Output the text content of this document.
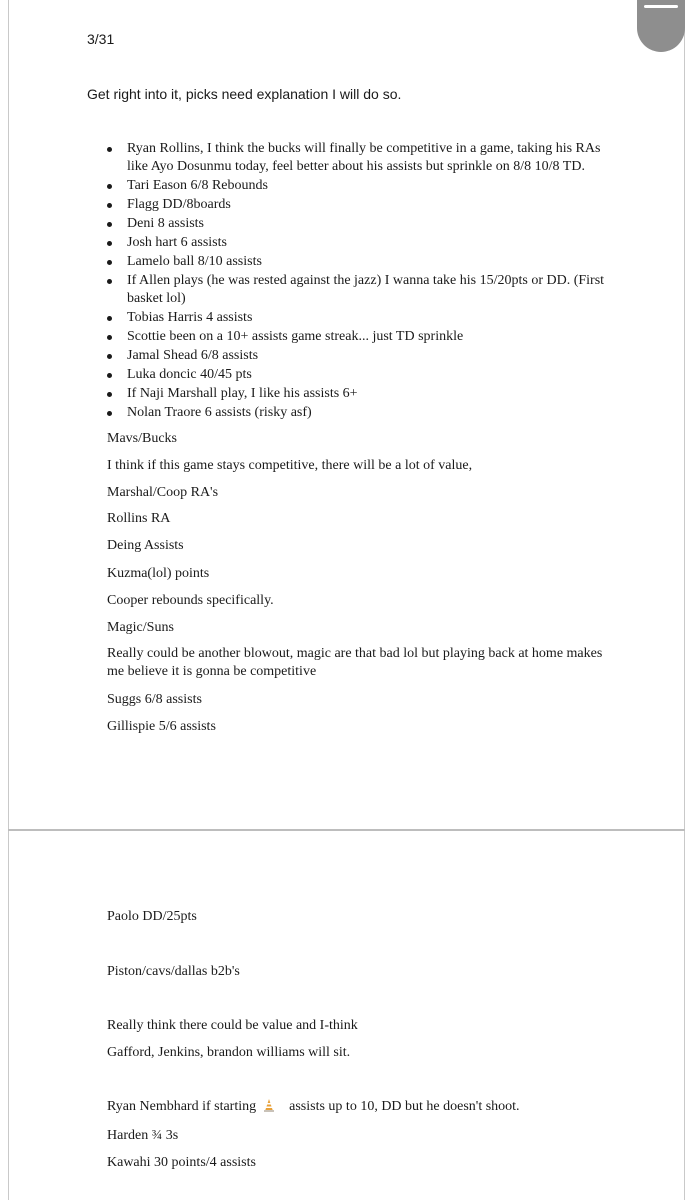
3/31
Get right into it, picks need explanation I will do so.
Ryan Rollins, I think the bucks will finally be competitive in a game, taking his RAs like Ayo Dosunmu today, feel better about his assists but sprinkle on 8/8 10/8 TD.
Tari Eason 6/8 Rebounds
Flagg DD/8boards
Deni 8 assists
Josh hart 6 assists
Lamelo ball 8/10 assists
If Allen plays (he was rested against the jazz) I wanna take his 15/20pts or DD. (First basket lol)
Tobias Harris 4 assists
Scottie been on a 10+ assists game streak... just TD sprinkle
Jamal Shead 6/8 assists
Luka doncic 40/45 pts
If Naji Marshall play, I like his assists 6+
Nolan Traore 6 assists (risky asf)
Mavs/Bucks
I think if this game stays competitive, there will be a lot of value,
Marshal/Coop RA's
Rollins RA
Deing Assists
Kuzma(lol) points
Cooper rebounds specifically.
Magic/Suns
Really could be another blowout, magic are that bad lol but playing back at home makes me believe it is gonna be competitive
Suggs 6/8 assists
Gillispie 5/6 assists
Paolo DD/25pts
Piston/cavs/dallas b2b's
Really think there could be value and I-think
Gafford, Jenkins, brandon williams will sit.
Ryan Nembhard if starting assists up to 10, DD but he doesn't shoot.
Harden ¾ 3s
Kawahi 30 points/4 assists
